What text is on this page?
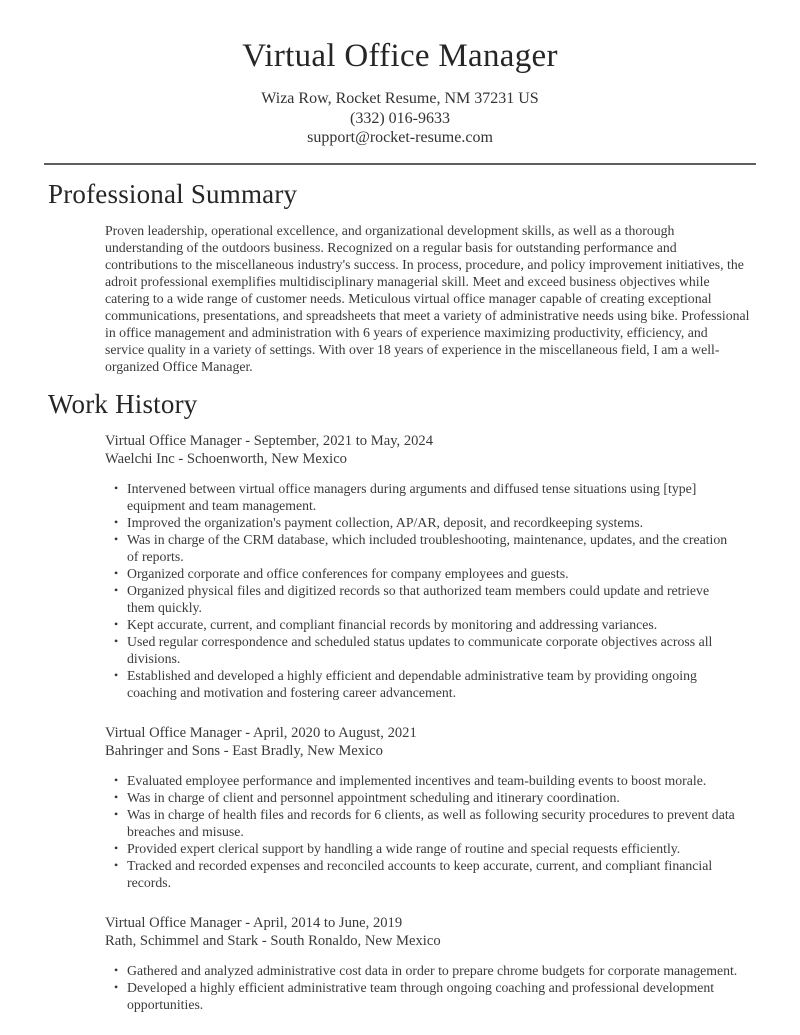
Virtual Office Manager
Wiza Row, Rocket Resume, NM 37231 US
(332) 016-9633
support@rocket-resume.com
Professional Summary

Proven leadership, operational excellence, and organizational development skills, as well as a thorough understanding of the outdoors business. Recognized on a regular basis for outstanding performance and contributions to the miscellaneous industry's success. In process, procedure, and policy improvement initiatives, the adroit professional exemplifies multidisciplinary managerial skill. Meet and exceed business objectives while catering to a wide range of customer needs. Meticulous virtual office manager capable of creating exceptional communications, presentations, and spreadsheets that meet a variety of administrative needs using bike. Professional in office management and administration with 6 years of experience maximizing productivity, efficiency, and service quality in a variety of settings. With over 18 years of experience in the miscellaneous field, I am a well-organized Office Manager.

Work History
Virtual Office Manager - September, 2021 to May, 2024
Waelchi Inc - Schoenworth, New Mexico
• Intervened between virtual office managers during arguments and diffused tense situations using [type] equipment and team management.
• Improved the organization's payment collection, AP/AR, deposit, and recordkeeping systems.
• Was in charge of the CRM database, which included troubleshooting, maintenance, updates, and the creation of reports.
• Organized corporate and office conferences for company employees and guests.
• Organized physical files and digitized records so that authorized team members could update and retrieve them quickly.
• Kept accurate, current, and compliant financial records by monitoring and addressing variances.
• Used regular correspondence and scheduled status updates to communicate corporate objectives across all divisions.
• Established and developed a highly efficient and dependable administrative team by providing ongoing coaching and motivation and fostering career advancement.
Virtual Office Manager - April, 2020 to August, 2021
Bahringer and Sons - East Bradly, New Mexico
• Evaluated employee performance and implemented incentives and team-building events to boost morale.
• Was in charge of client and personnel appointment scheduling and itinerary coordination.
• Was in charge of health files and records for 6 clients, as well as following security procedures to prevent data breaches and misuse.
• Provided expert clerical support by handling a wide range of routine and special requests efficiently.
• Tracked and recorded expenses and reconciled accounts to keep accurate, current, and compliant financial records.
Virtual Office Manager - April, 2014 to June, 2019
Rath, Schimmel and Stark - South Ronaldo, New Mexico
• Gathered and analyzed administrative cost data in order to prepare chrome budgets for corporate management.
• Developed a highly efficient administrative team through ongoing coaching and professional development opportunities.
